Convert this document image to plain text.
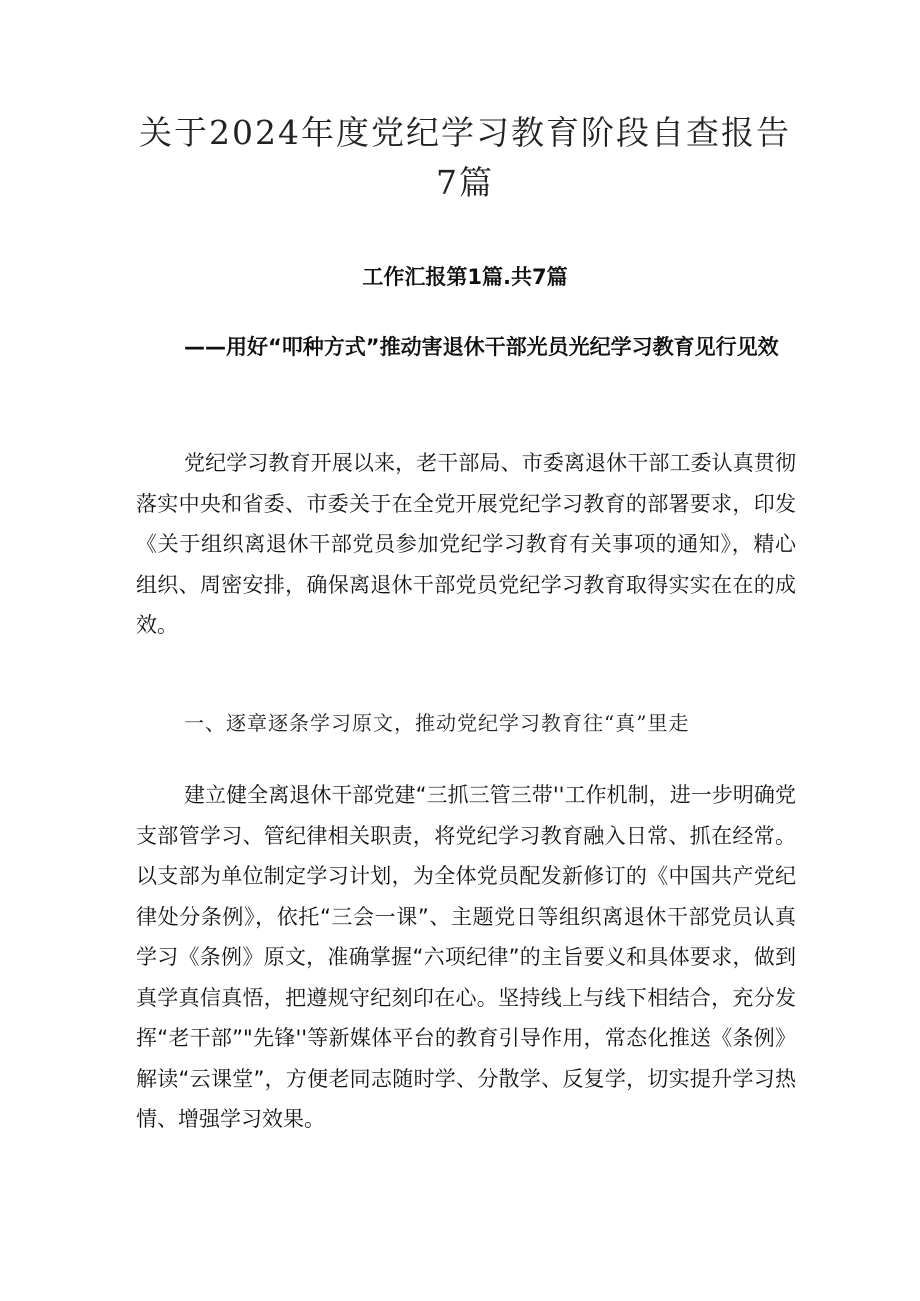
关于2024年度党纪学习教育阶段自查报告
7篇
工作汇报第1篇.共7篇
——用好“叩种方式”推动害退休干部光员光纪学习教育见行见效
党纪学习教育开展以来，老干部局、市委离退休干部工委认真贯彻落实中央和省委、市委关于在全党开展党纪学习教育的部署要求，印发《关于组织离退休干部党员参加党纪学习教育有关事项的通知》，精心组织、周密安排，确保离退休干部党员党纪学习教育取得实实在在的成效。
一、逐章逐条学习原文，推动党纪学习教育往“真”里走
建立健全离退休干部党建“三抓三管三带''工作机制，进一步明确党支部管学习、管纪律相关职责，将党纪学习教育融入日常、抓在经常。以支部为单位制定学习计划，为全体党员配发新修订的《中国共产党纪律处分条例》，依托“三会一课”、主题党日等组织离退休干部党员认真学习《条例》原文，准确掌握“六项纪律”的主旨要义和具体要求，做到真学真信真悟，把遵规守纪刻印在心。坚持线上与线下相结合，充分发挥“老干部”"先锋''等新媒体平台的教育引导作用，常态化推送《条例》解读“云课堂”，方便老同志随时学、分散学、反复学，切实提升学习热情、增强学习效果。
